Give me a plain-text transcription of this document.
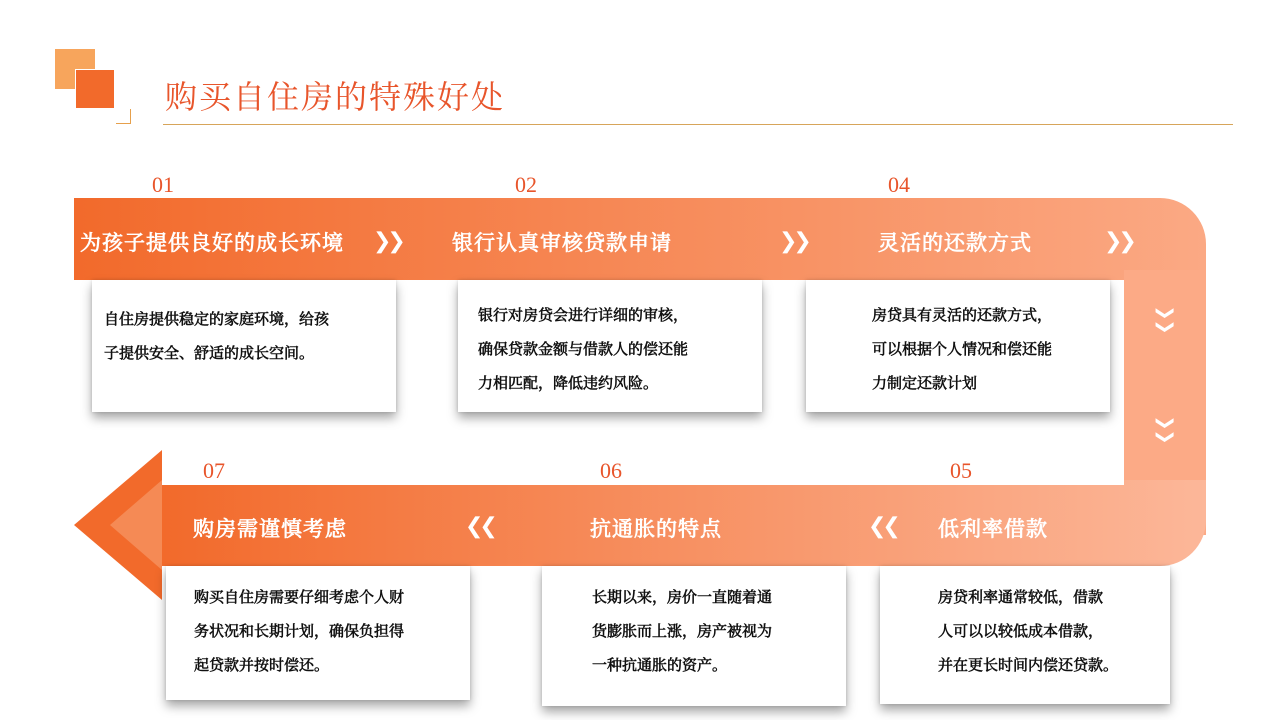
购买自住房的特殊好处
01	02	04
05
06
07
为孩子提供良好的成长环境	银行认真审核贷款申请	灵活的还款方式
❯❯	❯❯	❯❯
❯
❯
❯
❯
低利率借款
抗通胀的特点
购房需谨慎考虑	❮❮
❮❮
自住房提供稳定的家庭环境，给孩
子提供安全、舒适的成长空间。
银行对房贷会进行详细的审核，
确保贷款金额与借款人的偿还能
力相匹配，降低违约风险。
房贷具有灵活的还款方式，
可以根据个人情况和偿还能
力制定还款计划
房贷利率通常较低，借款
人可以以较低成本借款，
并在更长时间内偿还贷款。
长期以来，房价一直随着通
货膨胀而上涨，房产被视为
一种抗通胀的资产。
购买自住房需要仔细考虑个人财
务状况和长期计划，确保负担得
起贷款并按时偿还。
